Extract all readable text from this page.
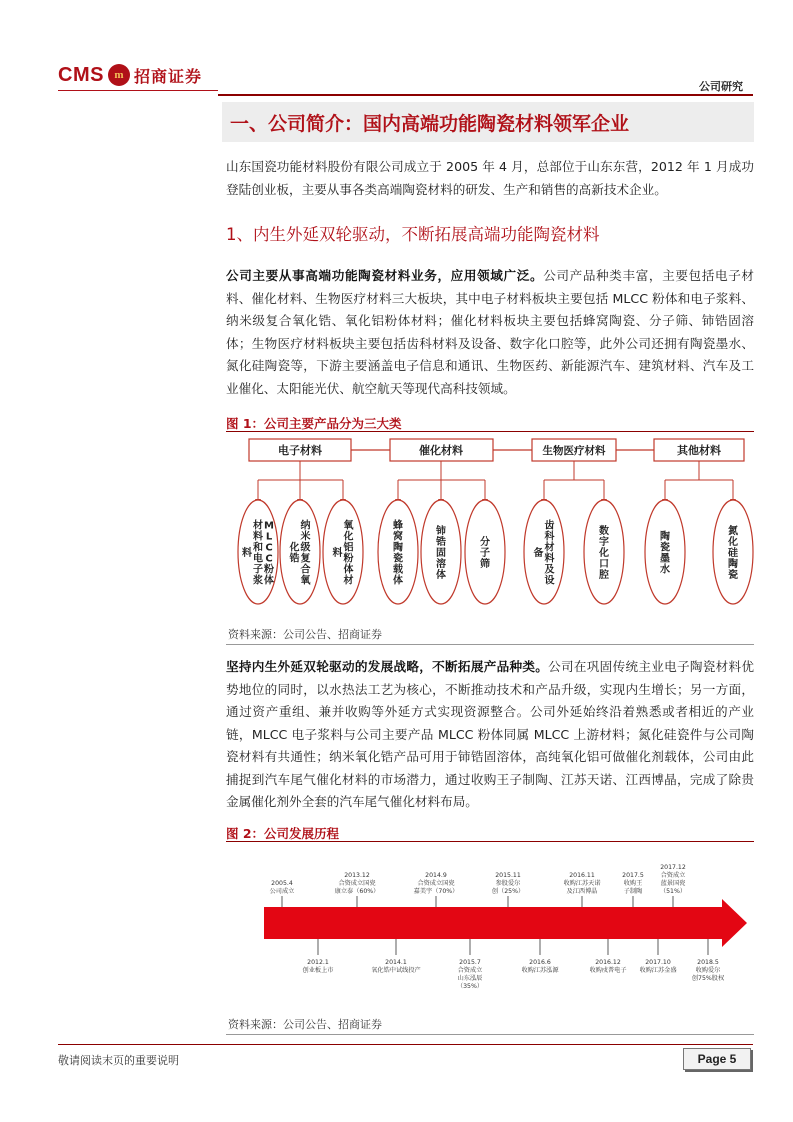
CMS m 招商证券
公司研究
一、公司简介：国内高端功能陶瓷材料领军企业
山东国瓷功能材料股份有限公司成立于 2005 年 4 月，总部位于山东东营，2012 年 1 月成功登陆创业板，主要从事各类高端陶瓷材料的研发、生产和销售的高新技术企业。
1、内生外延双轮驱动，不断拓展高端功能陶瓷材料
公司主要从事高端功能陶瓷材料业务，应用领域广泛。公司产品种类丰富，主要包括电子材料、催化材料、生物医疗材料三大板块，其中电子材料板块主要包括 MLCC 粉体和电子浆料、纳米级复合氧化锆、氧化铝粉体材料；催化材料板块主要包括蜂窝陶瓷、分子筛、铈锆固溶体；生物医疗材料板块主要包括齿科材料及设备、数字化口腔等，此外公司还拥有陶瓷墨水、氮化硅陶瓷等，下游主要涵盖电子信息和通讯、生物医药、新能源汽车、建筑材料、汽车及工业催化、太阳能光伏、航空航天等现代高科技领域。
图 1：公司主要产品分为三大类
电子材料	催化材料	生物医疗材料	其他材料
M L C C 粉体材料和电子浆料
纳米级复合氧化锆
氧化铝粉体材料
蜂窝陶瓷载体
铈锆固溶体
分子筛
齿科材料及设备
数字化口腔
陶瓷墨水
氮化硅陶瓷
资料来源：公司公告、招商证券
坚持内生外延双轮驱动的发展战略，不断拓展产品种类。公司在巩固传统主业电子陶瓷材料优势地位的同时，以水热法工艺为核心，不断推动技术和产品升级，实现内生增长；另一方面，通过资产重组、兼并收购等外延方式实现资源整合。公司外延始终沿着熟悉或者相近的产业链，MLCC 电子浆料与公司主要产品 MLCC 粉体同属 MLCC 上游材料；氮化硅瓷件与公司陶瓷材料有共通性；纳米氧化锆产品可用于铈锆固溶体，高纯氧化铝可做催化剂载体，公司由此捕捉到汽车尾气催化材料的市场潜力，通过收购王子制陶、江苏天诺、江西博晶，完成了除贵金属催化剂外全套的汽车尾气催化材料布局。
图 2：公司发展历程
2005.4
公司成立
2013.12
合资成立国瓷
康立泰（60%）
2014.9
合资成立国瓷
嘉美宇（70%）
2015.11
参股爱尔
创（25%）
2016.11
收购江苏天诺
及江西博晶
2017.5
收购王
子制陶
2017.12
合资成立
蓝景国瓷
（51%）
2012.1
创业板上市
2014.1
氧化锆中试线投产
2015.7
合资成立
山东泓辰
（35%）
2016.6
收购江苏泓源
2016.12
收购戍普电子
2017.10
收购江苏金盛
2018.5
收购爱尔
创75%股权
资料来源：公司公告、招商证券
敬请阅读末页的重要说明	Page 5
